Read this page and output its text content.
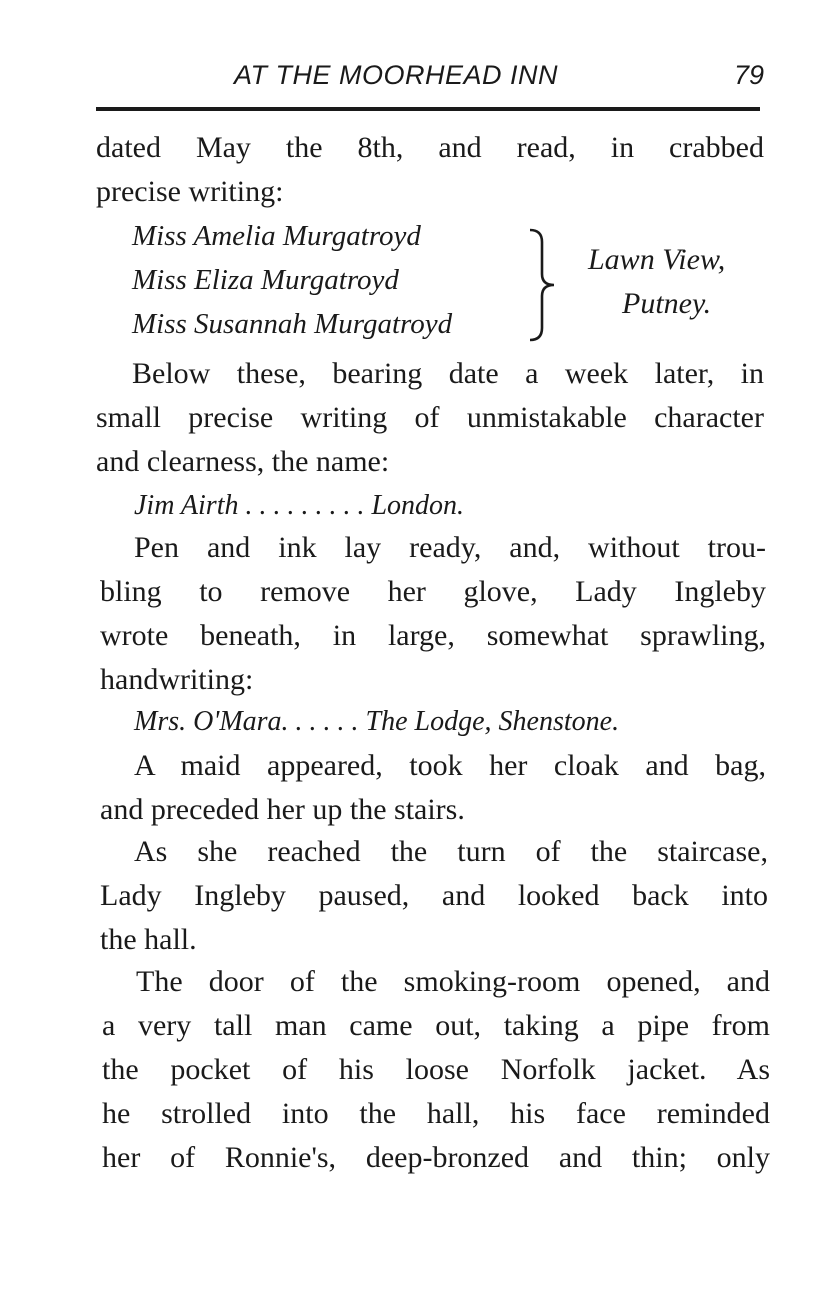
AT THE MOORHEAD INN	79
dated May the 8th, and read, in crabbed
precise writing:
Miss Amelia Murgatroyd
Miss Eliza Murgatroyd
Miss Susannah Murgatroyd
Lawn View,
Putney.
Below these, bearing date a week later, in
small precise writing of unmistakable character
and clearness, the name:
Jim Airth . . . . . . . . . London.
Pen and ink lay ready, and, without trou-
bling to remove her glove, Lady Ingleby
wrote beneath, in large, somewhat sprawling,
handwriting:
Mrs. O'Mara. . . . . . The Lodge, Shenstone.
A maid appeared, took her cloak and bag,
and preceded her up the stairs.
As she reached the turn of the staircase,
Lady Ingleby paused, and looked back into
the hall.
The door of the smoking-room opened, and
a very tall man came out, taking a pipe from
the pocket of his loose Norfolk jacket. As
he strolled into the hall, his face reminded
her of Ronnie's, deep-bronzed and thin; only
